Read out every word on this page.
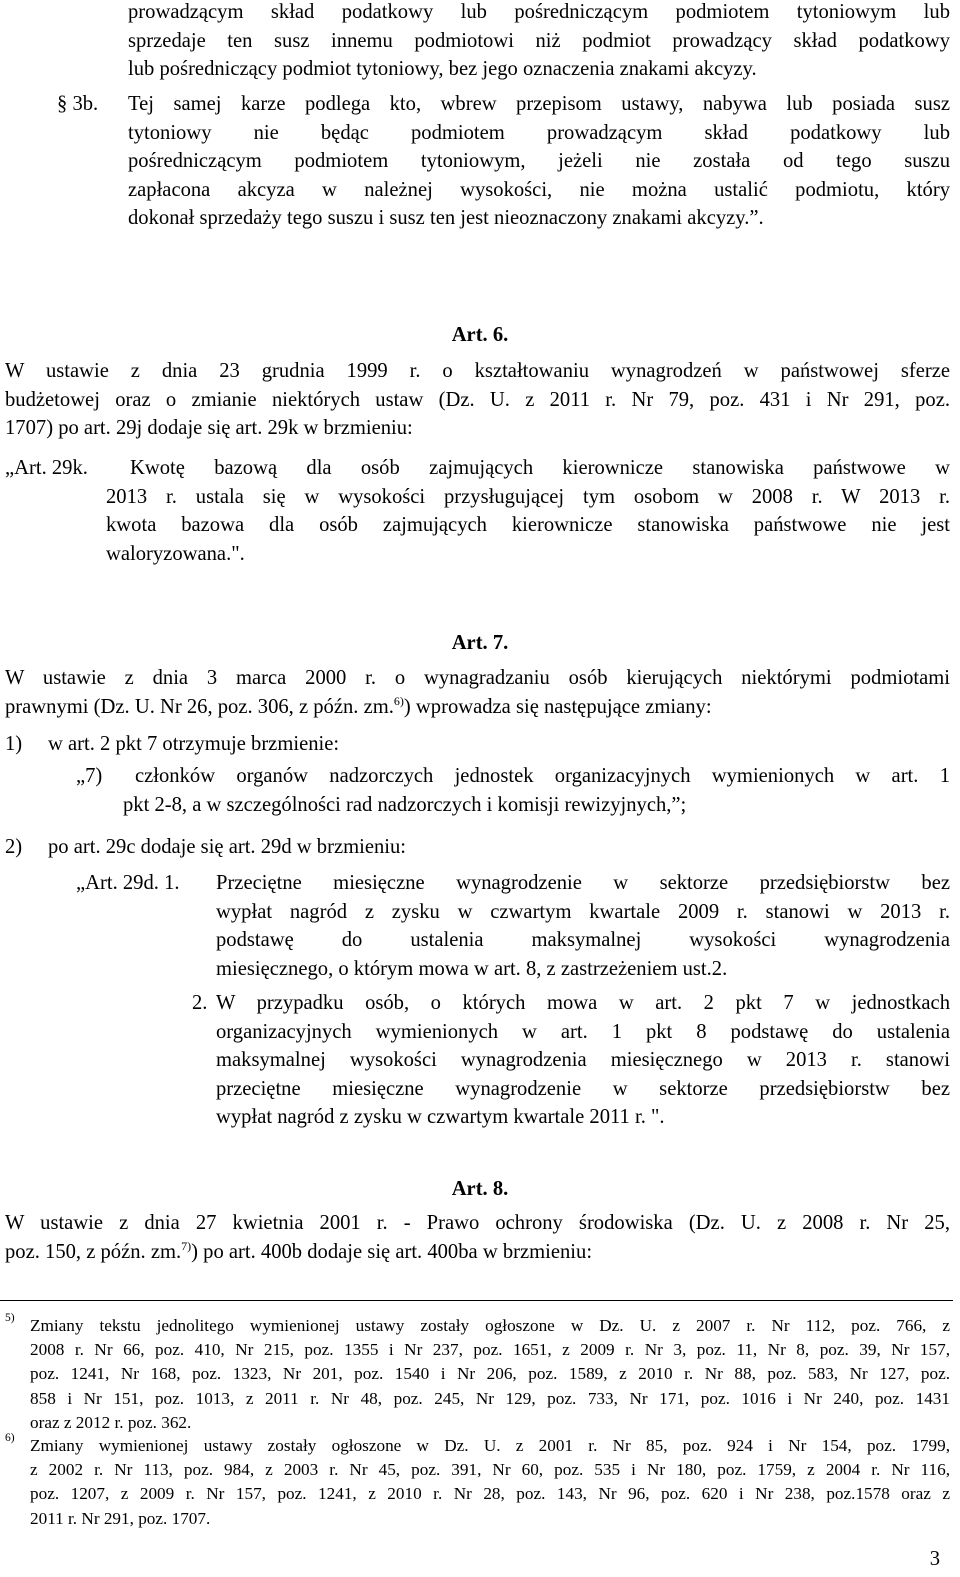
prowadzącym skład podatkowy lub pośredniczącym podmiotem tytoniowym lub
sprzedaje ten susz innemu podmiotowi niż podmiot prowadzący skład podatkowy
lub pośredniczący podmiot tytoniowy, bez jego oznaczenia znakami akcyzy.
§ 3b. Tej samej karze podlega kto, wbrew przepisom ustawy, nabywa lub posiada susz
tytoniowy nie będąc podmiotem prowadzącym skład podatkowy lub
pośredniczącym podmiotem tytoniowym, jeżeli nie została od tego suszu
zapłacona akcyza w należnej wysokości, nie można ustalić podmiotu, który
dokonał sprzedaży tego suszu i susz ten jest nieoznaczony znakami akcyzy.”.
Art. 6.
W ustawie z dnia 23 grudnia 1999 r. o kształtowaniu wynagrodzeń w państwowej sferze
budżetowej oraz o zmianie niektórych ustaw (Dz. U. z 2011 r. Nr 79, poz. 431 i Nr 291, poz.
1707) po art. 29j dodaje się art. 29k w brzmieniu:
„Art. 29k.	Kwotę bazową dla osób zajmujących kierownicze stanowiska państwowe w
2013 r. ustala się w wysokości przysługującej tym osobom w 2008 r. W 2013 r.
kwota bazowa dla osób zajmujących kierownicze stanowiska państwowe nie jest
waloryzowana.".
Art. 7.
W ustawie z dnia 3 marca 2000 r. o wynagradzaniu osób kierujących niektórymi podmiotami
prawnymi (Dz. U. Nr 26, poz. 306, z późn. zm.$^{6)}$) wprowadza się następujące zmiany:
1) w art. 2 pkt 7 otrzymuje brzmienie:
„7)	członków organów nadzorczych jednostek organizacyjnych wymienionych w art. 1
pkt 2-8, a w szczególności rad nadzorczych i komisji rewizyjnych,”;
2) po art. 29c dodaje się art. 29d w brzmieniu:
„Art. 29d. 1. Przeciętne miesięczne wynagrodzenie w sektorze przedsiębiorstw bez
wypłat nagród z zysku w czwartym kwartale 2009 r. stanowi w 2013 r.
podstawę do ustalenia maksymalnej wysokości wynagrodzenia
miesięcznego, o którym mowa w art. 8, z zastrzeżeniem ust.2.
2. W przypadku osób, o których mowa w art. 2 pkt 7 w jednostkach
organizacyjnych wymienionych w art. 1 pkt 8 podstawę do ustalenia
maksymalnej wysokości wynagrodzenia miesięcznego w 2013 r. stanowi
przeciętne miesięczne wynagrodzenie w sektorze przedsiębiorstw bez
wypłat nagród z zysku w czwartym kwartale 2011 r. ".
Art. 8.
W ustawie z dnia 27 kwietnia 2001 r. - Prawo ochrony środowiska (Dz. U. z 2008 r. Nr 25,
poz. 150, z późn. zm.$^{7)}$) po art. 400b dodaje się art. 400ba w brzmieniu:
5) Zmiany tekstu jednolitego wymienionej ustawy zostały ogłoszone w Dz. U. z 2007 r. Nr 112, poz. 766, z
2008 r. Nr 66, poz. 410, Nr 215, poz. 1355 i Nr 237, poz. 1651, z 2009 r. Nr 3, poz. 11, Nr 8, poz. 39, Nr 157,
poz. 1241, Nr 168, poz. 1323, Nr 201, poz. 1540 i Nr 206, poz. 1589, z 2010 r. Nr 88, poz. 583, Nr 127, poz.
858 i Nr 151, poz. 1013, z 2011 r. Nr 48, poz. 245, Nr 129, poz. 733, Nr 171, poz. 1016 i Nr 240, poz. 1431
oraz z 2012 r. poz. 362.
6) Zmiany wymienionej ustawy zostały ogłoszone w Dz. U. z 2001 r. Nr 85, poz. 924 i Nr 154, poz. 1799,
z 2002 r. Nr 113, poz. 984, z 2003 r. Nr 45, poz. 391, Nr 60, poz. 535 i Nr 180, poz. 1759, z 2004 r. Nr 116,
poz. 1207, z 2009 r. Nr 157, poz. 1241, z 2010 r. Nr 28, poz. 143, Nr 96, poz. 620 i Nr 238, poz.1578 oraz z
2011 r. Nr 291, poz. 1707.
3
